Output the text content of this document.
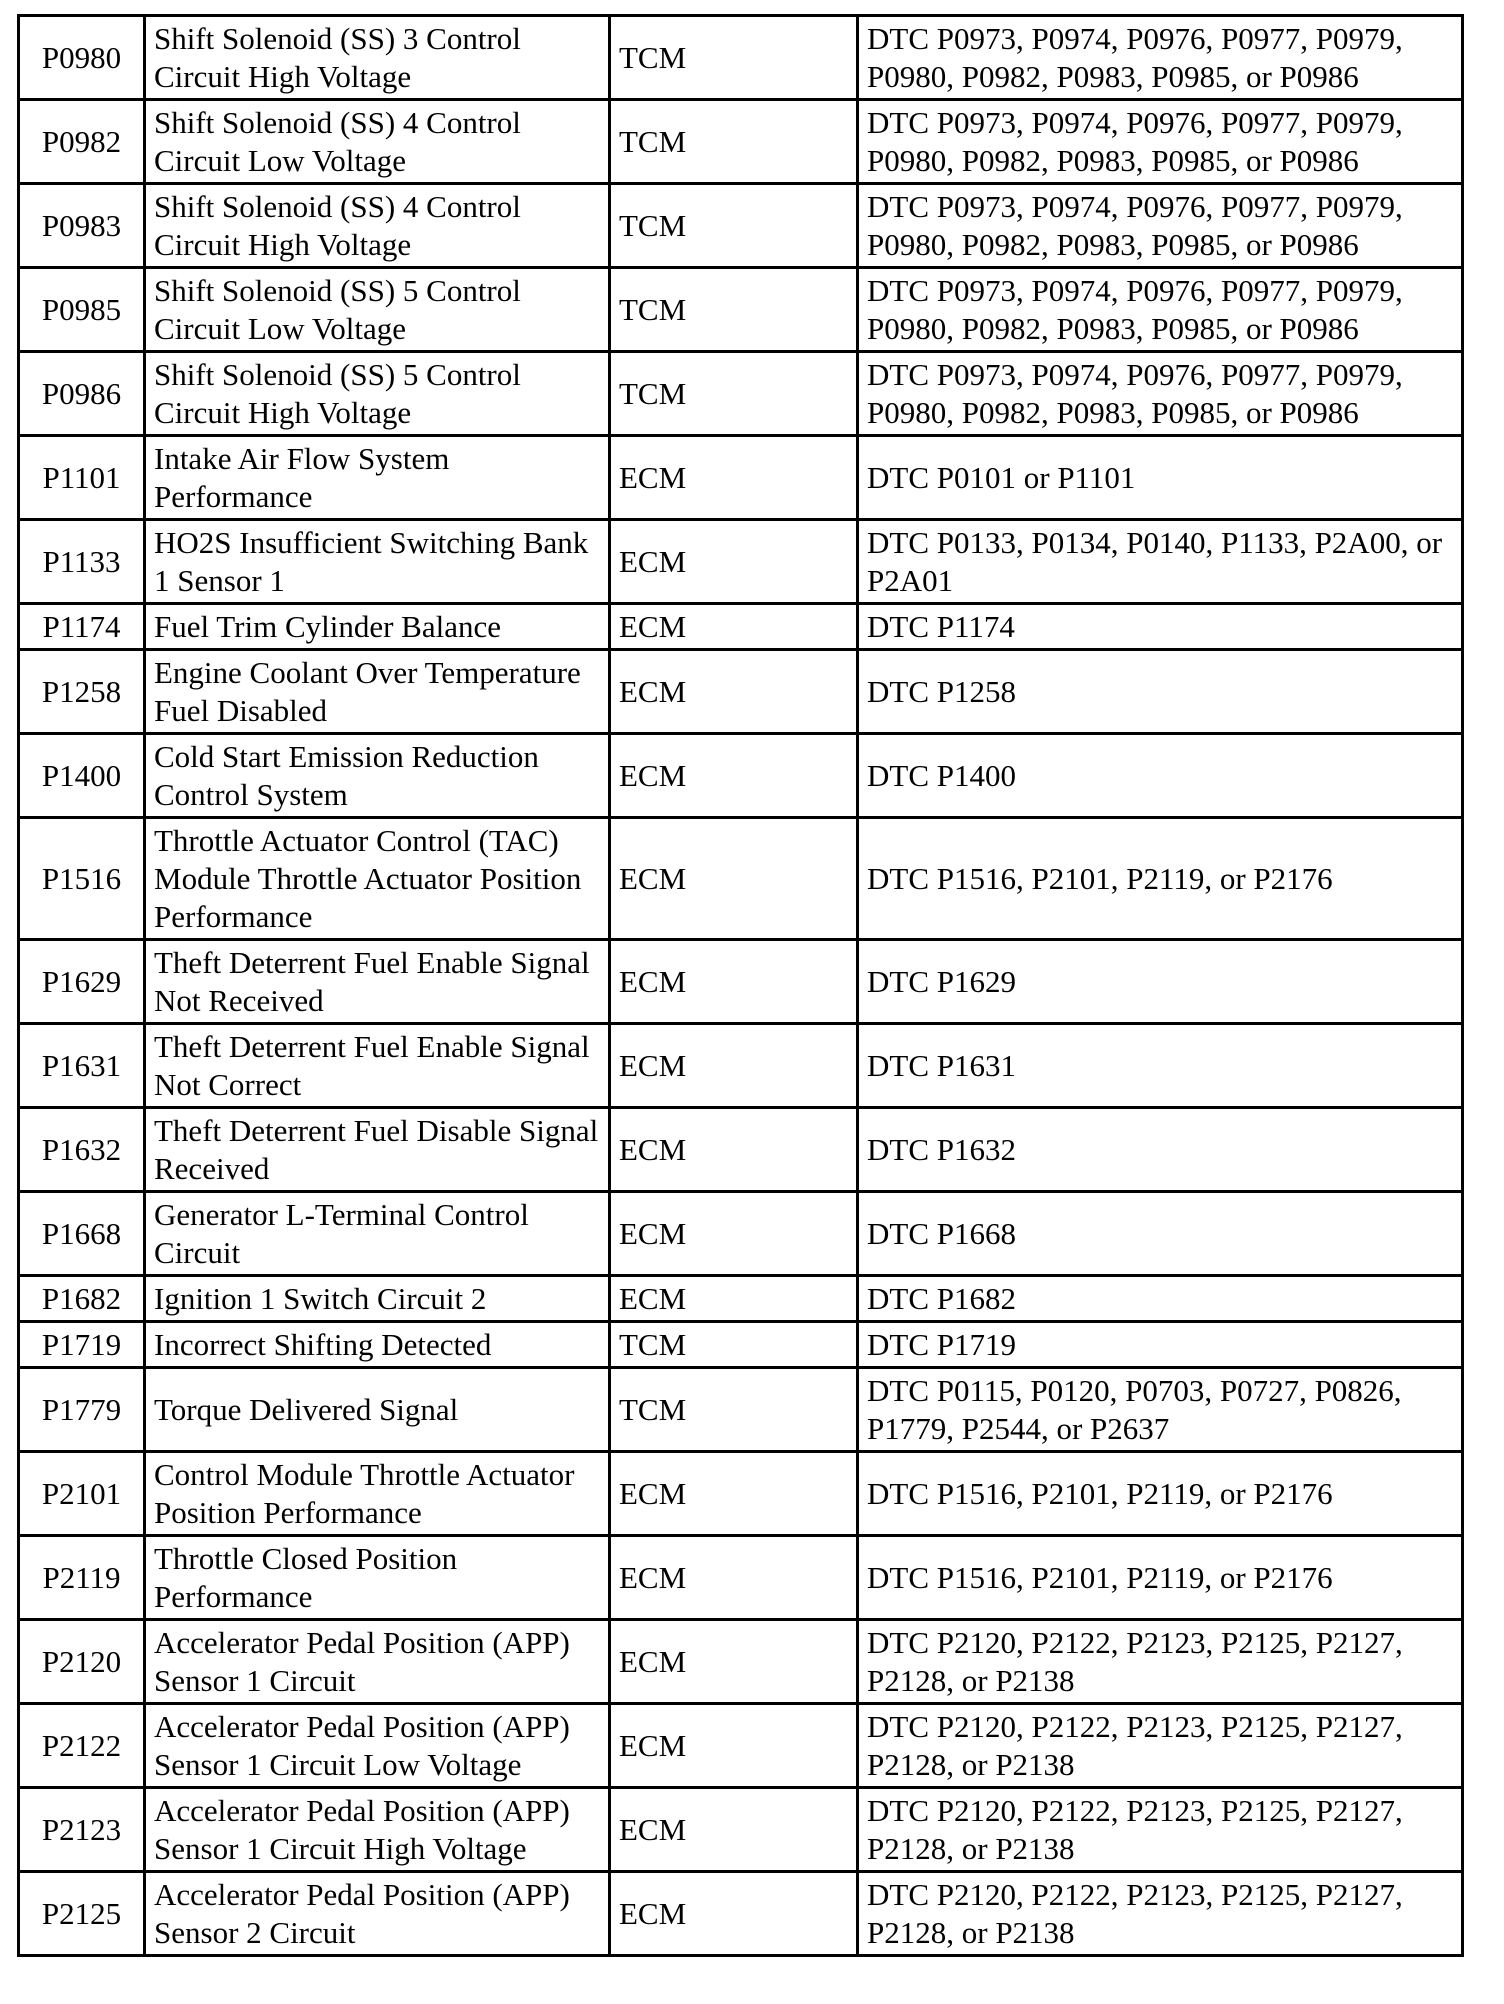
P0980	Shift Solenoid (SS) 3 Control Circuit High Voltage	TCM	DTC P0973, P0974, P0976, P0977, P0979, P0980, P0982, P0983, P0985, or P0986
P0982	Shift Solenoid (SS) 4 Control Circuit Low Voltage	TCM	DTC P0973, P0974, P0976, P0977, P0979, P0980, P0982, P0983, P0985, or P0986
P0983	Shift Solenoid (SS) 4 Control Circuit High Voltage	TCM	DTC P0973, P0974, P0976, P0977, P0979, P0980, P0982, P0983, P0985, or P0986
P0985	Shift Solenoid (SS) 5 Control Circuit Low Voltage	TCM	DTC P0973, P0974, P0976, P0977, P0979, P0980, P0982, P0983, P0985, or P0986
P0986	Shift Solenoid (SS) 5 Control Circuit High Voltage	TCM	DTC P0973, P0974, P0976, P0977, P0979, P0980, P0982, P0983, P0985, or P0986
P1101	Intake Air Flow System Performance	ECM	DTC P0101 or P1101
P1133	HO2S Insufficient Switching Bank 1 Sensor 1	ECM	DTC P0133, P0134, P0140, P1133, P2A00, or P2A01
P1174	Fuel Trim Cylinder Balance	ECM	DTC P1174
P1258	Engine Coolant Over Temperature Fuel Disabled	ECM	DTC P1258
P1400	Cold Start Emission Reduction Control System	ECM	DTC P1400
P1516	Throttle Actuator Control (TAC) Module Throttle Actuator Position Performance	ECM	DTC P1516, P2101, P2119, or P2176
P1629	Theft Deterrent Fuel Enable Signal Not Received	ECM	DTC P1629
P1631	Theft Deterrent Fuel Enable Signal Not Correct	ECM	DTC P1631
P1632	Theft Deterrent Fuel Disable Signal Received	ECM	DTC P1632
P1668	Generator L-Terminal Control Circuit	ECM	DTC P1668
P1682	Ignition 1 Switch Circuit 2	ECM	DTC P1682
P1719	Incorrect Shifting Detected	TCM	DTC P1719
P1779	Torque Delivered Signal	TCM	DTC P0115, P0120, P0703, P0727, P0826, P1779, P2544, or P2637
P2101	Control Module Throttle Actuator Position Performance	ECM	DTC P1516, P2101, P2119, or P2176
P2119	Throttle Closed Position Performance	ECM	DTC P1516, P2101, P2119, or P2176
P2120	Accelerator Pedal Position (APP) Sensor 1 Circuit	ECM	DTC P2120, P2122, P2123, P2125, P2127, P2128, or P2138
P2122	Accelerator Pedal Position (APP) Sensor 1 Circuit Low Voltage	ECM	DTC P2120, P2122, P2123, P2125, P2127, P2128, or P2138
P2123	Accelerator Pedal Position (APP) Sensor 1 Circuit High Voltage	ECM	DTC P2120, P2122, P2123, P2125, P2127, P2128, or P2138
P2125	Accelerator Pedal Position (APP) Sensor 2 Circuit	ECM	DTC P2120, P2122, P2123, P2125, P2127, P2128, or P2138
